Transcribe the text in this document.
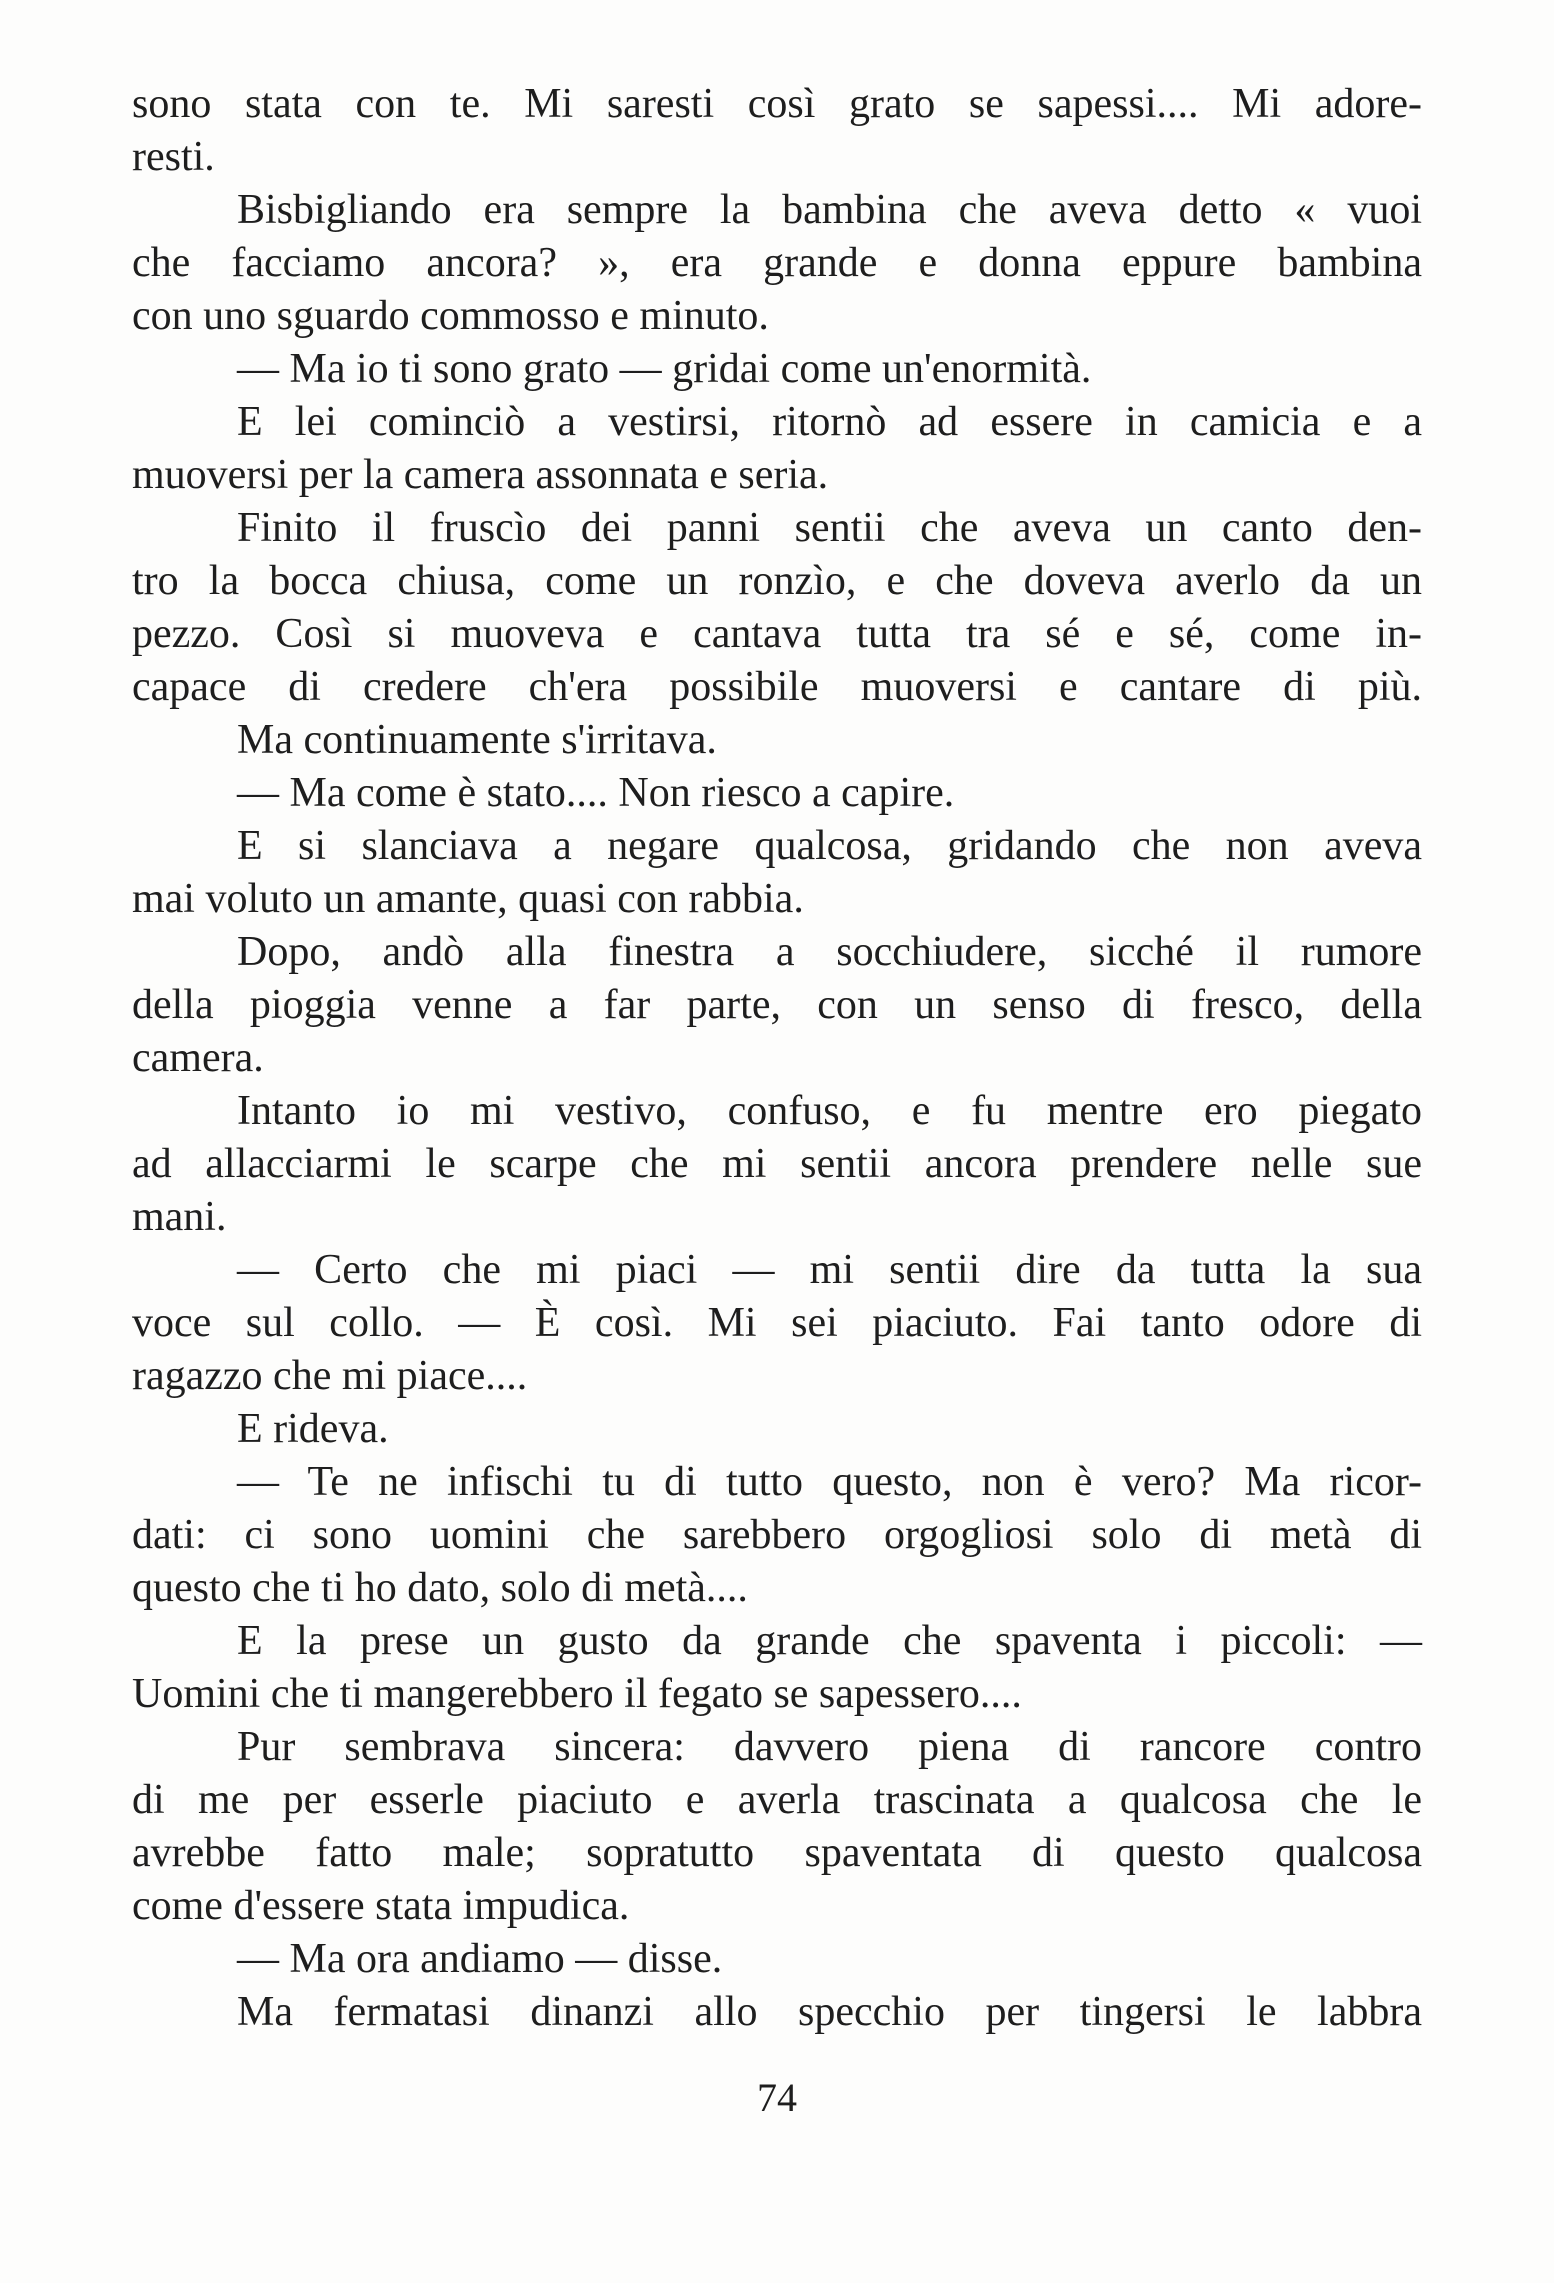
sono stata con te. Mi saresti così grato se sapessi.... Mi adore-
resti.
Bisbigliando era sempre la bambina che aveva detto « vuoi
che facciamo ancora? », era grande e donna eppure bambina
con uno sguardo commosso e minuto.
— Ma io ti sono grato — gridai come un'enormità.
E lei cominciò a vestirsi, ritornò ad essere in camicia e a
muoversi per la camera assonnata e seria.
Finito il fruscìo dei panni sentii che aveva un canto den-
tro la bocca chiusa, come un ronzìo, e che doveva averlo da un
pezzo. Così si muoveva e cantava tutta tra sé e sé, come in-
capace di credere ch'era possibile muoversi e cantare di più.
Ma continuamente s'irritava.
— Ma come è stato.... Non riesco a capire.
E si slanciava a negare qualcosa, gridando che non aveva
mai voluto un amante, quasi con rabbia.
Dopo, andò alla finestra a socchiudere, sicché il rumore
della pioggia venne a far parte, con un senso di fresco, della
camera.
Intanto io mi vestivo, confuso, e fu mentre ero piegato
ad allacciarmi le scarpe che mi sentii ancora prendere nelle sue
mani.
— Certo che mi piaci — mi sentii dire da tutta la sua
voce sul collo. — È così. Mi sei piaciuto. Fai tanto odore di
ragazzo che mi piace....
E rideva.
— Te ne infischi tu di tutto questo, non è vero? Ma ricor-
dati: ci sono uomini che sarebbero orgogliosi solo di metà di
questo che ti ho dato, solo di metà....
E la prese un gusto da grande che spaventa i piccoli: —
Uomini che ti mangerebbero il fegato se sapessero....
Pur sembrava sincera: davvero piena di rancore contro
di me per esserle piaciuto e averla trascinata a qualcosa che le
avrebbe fatto male; sopratutto spaventata di questo qualcosa
come d'essere stata impudica.
— Ma ora andiamo — disse.
Ma fermatasi dinanzi allo specchio per tingersi le labbra
74
